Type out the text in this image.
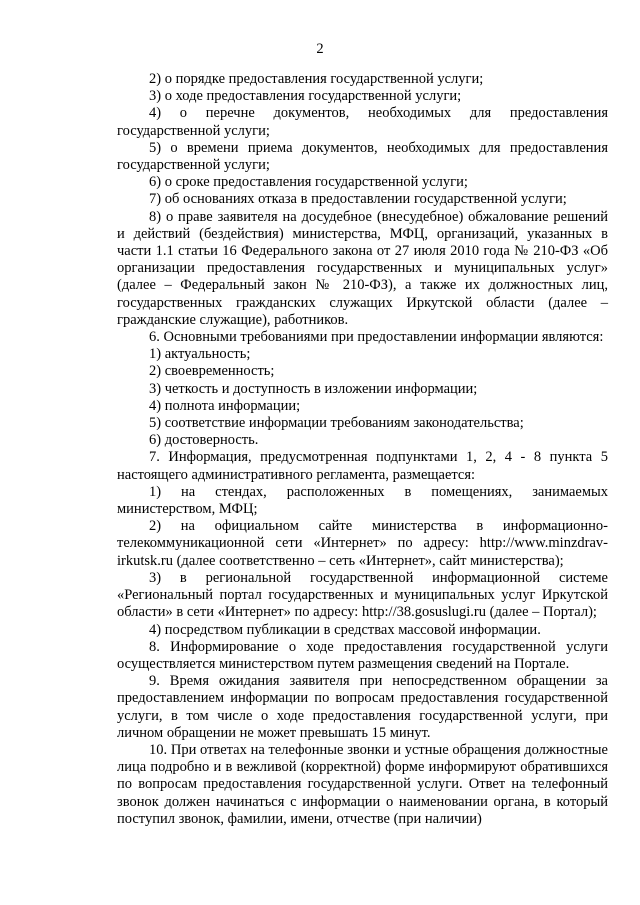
2

2) о порядке предоставления государственной услуги;

3) о ходе предоставления государственной услуги;

4) о перечне документов, необходимых для предоставления государственной услуги;

5) о времени приема документов, необходимых для предоставления государственной услуги;

6) о сроке предоставления государственной услуги;

7) об основаниях отказа в предоставлении государственной услуги;

8) о праве заявителя на досудебное (внесудебное) обжалование решений и действий (бездействия) министерства, МФЦ, организаций, указанных в части 1.1 статьи 16 Федерального закона от 27 июля 2010 года № 210-ФЗ «Об организации предоставления государственных и муниципальных услуг» (далее – Федеральный закон № 210-ФЗ), а также их должностных лиц, государственных гражданских служащих Иркутской области (далее – гражданские служащие), работников.

6. Основными требованиями при предоставлении информации являются:

1) актуальность;

2) своевременность;

3) четкость и доступность в изложении информации;

4) полнота информации;

5) соответствие информации требованиям законодательства;

6) достоверность.

7. Информация, предусмотренная подпунктами 1, 2, 4 - 8 пункта 5 настоящего административного регламента, размещается:

1) на стендах, расположенных в помещениях, занимаемых министерством, МФЦ;

2) на официальном сайте министерства в информационно-телекоммуникационной сети «Интернет» по адресу: http://www.minzdrav-irkutsk.ru (далее соответственно – сеть «Интернет», сайт министерства);

3) в региональной государственной информационной системе «Региональный портал государственных и муниципальных услуг Иркутской области» в сети «Интернет» по адресу: http://38.gosuslugi.ru (далее – Портал);

4) посредством публикации в средствах массовой информации.

8. Информирование о ходе предоставления государственной услуги осуществляется министерством путем размещения сведений на Портале.

9. Время ожидания заявителя при непосредственном обращении за предоставлением информации по вопросам предоставления государственной услуги, в том числе о ходе предоставления государственной услуги, при личном обращении не может превышать 15 минут.

10. При ответах на телефонные звонки и устные обращения должностные лица подробно и в вежливой (корректной) форме информируют обратившихся по вопросам предоставления государственной услуги. Ответ на телефонный звонок должен начинаться с информации о наименовании органа, в который поступил звонок, фамилии, имени, отчестве (при наличии)
